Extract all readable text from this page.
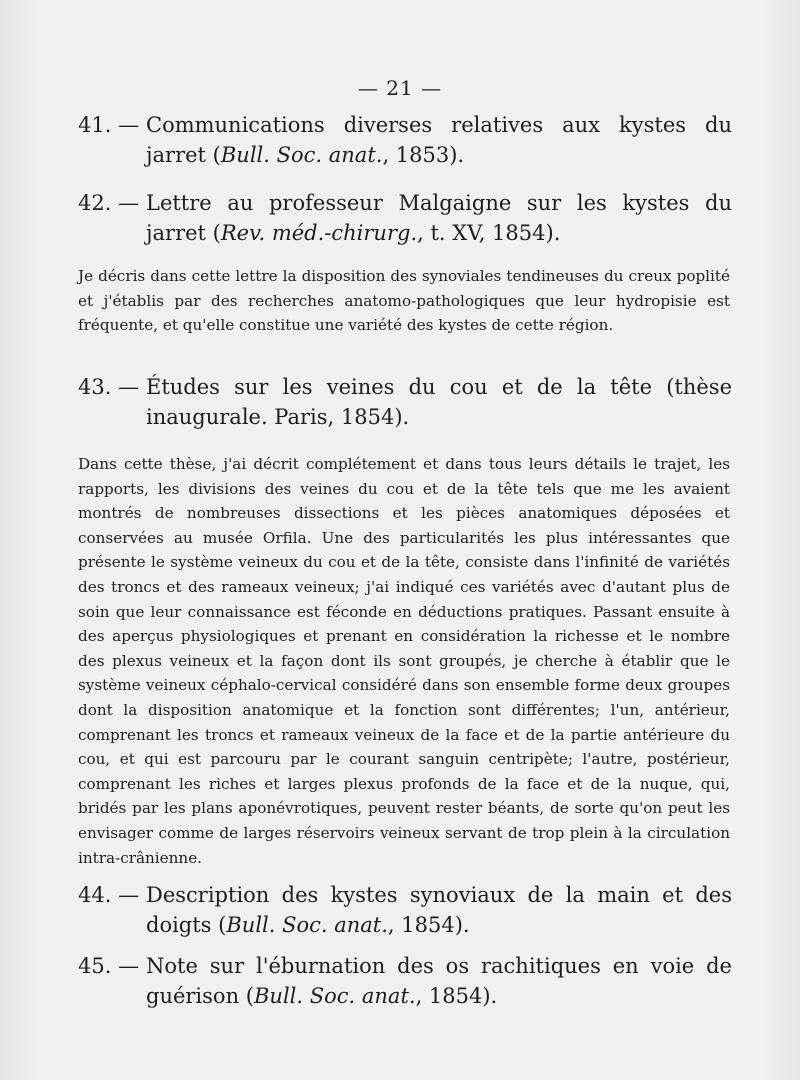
— 21 —

41. — Communications diverses relatives aux kystes du jarret (Bull. Soc. anat., 1853).

42. — Lettre au professeur Malgaigne sur les kystes du jarret (Rev. méd.-chirurg., t. XV, 1854).

Je décris dans cette lettre la disposition des synoviales tendineuses du creux poplité et j'établis par des recherches anatomo-pathologiques que leur hydropisie est fréquente, et qu'elle constitue une variété des kystes de cette région.

43. — Études sur les veines du cou et de la tête (thèse inaugurale. Paris, 1854).

Dans cette thèse, j'ai décrit complétement et dans tous leurs détails le trajet, les rapports, les divisions des veines du cou et de la tête tels que me les avaient montrés de nombreuses dissections et les pièces anatomiques déposées et conservées au musée Orfila. Une des particularités les plus intéressantes que présente le système veineux du cou et de la tête, consiste dans l'infinité de variétés des troncs et des rameaux veineux; j'ai indiqué ces variétés avec d'autant plus de soin que leur connaissance est féconde en déductions pratiques. Passant ensuite à des aperçus physiologiques et prenant en considération la richesse et le nombre des plexus veineux et la façon dont ils sont groupés, je cherche à établir que le système veineux céphalo-cervical considéré dans son ensemble forme deux groupes dont la disposition anatomique et la fonction sont différentes; l'un, antérieur, comprenant les troncs et rameaux veineux de la face et de la partie antérieure du cou, et qui est parcouru par le courant sanguin centripète; l'autre, postérieur, comprenant les riches et larges plexus profonds de la face et de la nuque, qui, bridés par les plans aponévrotiques, peuvent rester béants, de sorte qu'on peut les envisager comme de larges réservoirs veineux servant de trop plein à la circulation intra-crânienne.

44. — Description des kystes synoviaux de la main et des doigts (Bull. Soc. anat., 1854).

45. — Note sur l'éburnation des os rachitiques en voie de guérison (Bull. Soc. anat., 1854).
